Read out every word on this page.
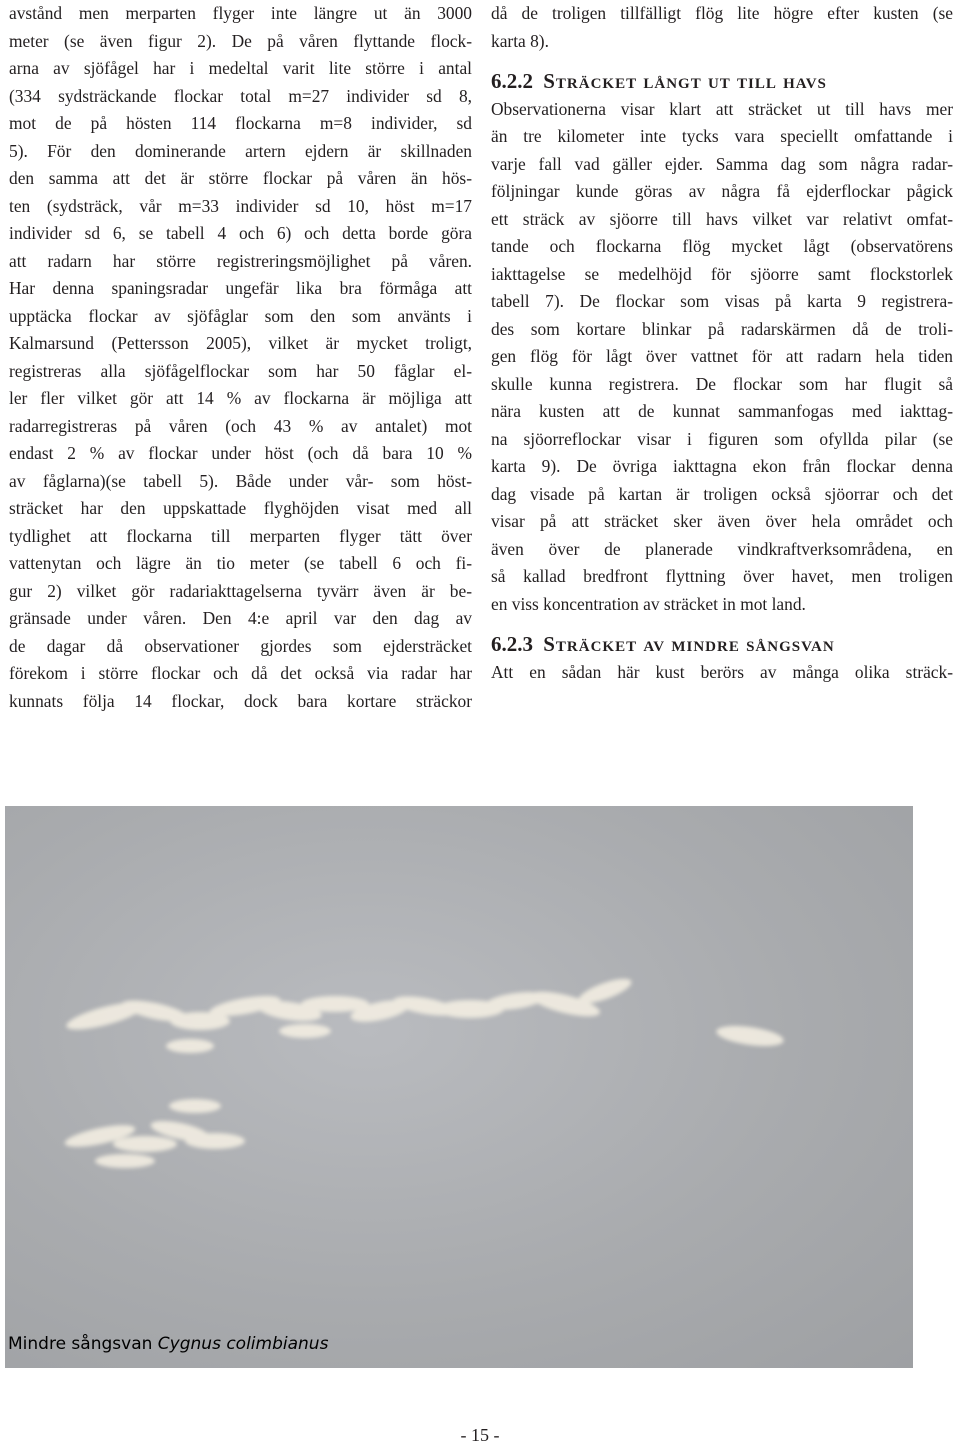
avstånd men merparten flyger inte längre ut än 3000
meter (se även figur 2). De på våren flyttande flock-
arna av sjöfågel har i medeltal varit lite större i antal
(334 sydsträckande flockar total m=27 individer sd 8,
mot de på hösten 114 flockarna m=8 individer, sd
5). För den dominerande artern ejdern är skillnaden
den samma att det är större flockar på våren än hös-
ten (sydsträck, vår m=33 individer sd 10, höst m=17
individer sd 6, se tabell 4 och 6) och detta borde göra
att radarn har större registreringsmöjlighet på våren.
Har denna spaningsradar ungefär lika bra förmåga att
upptäcka flockar av sjöfåglar som den som använts i
Kalmarsund (Pettersson 2005), vilket är mycket troligt,
registreras alla sjöfågelflockar som har 50 fåglar el-
ler fler vilket gör att 14 % av flockarna är möjliga att
radarregistreras på våren (och 43 % av antalet) mot
endast 2 % av flockar under höst (och då bara 10 %
av fåglarna)(se tabell 5). Både under vår- som höst-
sträcket har den uppskattade flyghöjden visat med all
tydlighet att flockarna till merparten flyger tätt över
vattenytan och lägre än tio meter (se tabell 6 och fi-
gur 2) vilket gör radariakttagelserna tyvärr även är be-
gränsade under våren. Den 4:e april var den dag av
de dagar då observationer gjordes som ejdersträcket
förekom i större flockar och då det också via radar har
kunnats följa 14 flockar, dock bara kortare sträckor
då de troligen tillfälligt flög lite högre efter kusten (se
karta 8).
6.2.2 Sträcket långt ut till havs
Observationerna visar klart att sträcket ut till havs mer
än tre kilometer inte tycks vara speciellt omfattande i
varje fall vad gäller ejder. Samma dag som några radar-
följningar kunde göras av några få ejderflockar pågick
ett sträck av sjöorre till havs vilket var relativt omfat-
tande och flockarna flög mycket lågt (observatörens
iakttagelse se medelhöjd för sjöorre samt flockstorlek
tabell 7). De flockar som visas på karta 9 registrera-
des som kortare blinkar på radarskärmen då de troli-
gen flög för lågt över vattnet för att radarn hela tiden
skulle kunna registrera. De flockar som har flugit så
nära kusten att de kunnat sammanfogas med iakttag-
na sjöorreflockar visar i figuren som ofyllda pilar (se
karta 9). De övriga iakttagna ekon från flockar denna
dag visade på kartan är troligen också sjöorrar och det
visar på att sträcket sker även över hela området och
även över de planerade vindkraftverksområdena, en
så kallad bredfront flyttning över havet, men troligen
en viss koncentration av sträcket in mot land.
6.2.3 Sträcket av mindre sångsvan
Att en sådan här kust berörs av många olika sträck-
Mindre sångsvan Cygnus colimbianus
- 15 -
